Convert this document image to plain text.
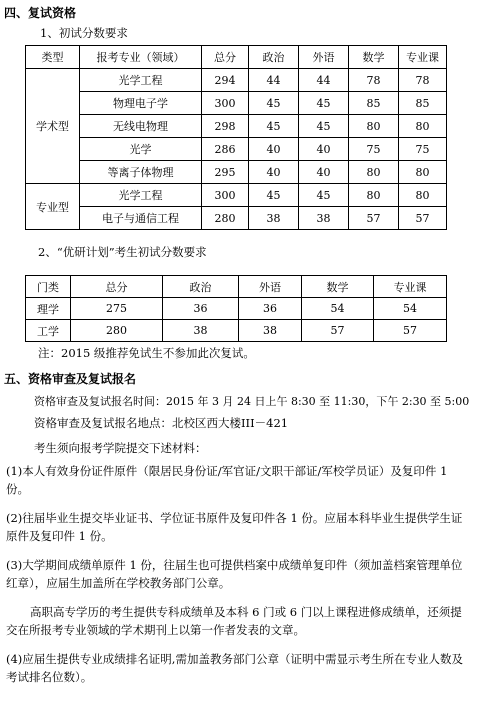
四、复试资格
1、初试分数要求
类型	报考专业（领域）	总分	政治	外语	数学	专业课
学术型	光学工程	294	44	44	78	78
	物理电子学	300	45	45	85	85
	无线电物理	298	45	45	80	80
	光学	286	40	40	75	75
	等离子体物理	295	40	40	80	80
专业型	光学工程	300	45	45	80	80
	电子与通信工程	280	38	38	57	57
2、“优研计划”考生初试分数要求
门类	总分	政治	外语	数学	专业课
理学	275	36	36	54	54
工学	280	38	38	57	57
注：2015 级推荐免试生不参加此次复试。
五、资格审查及复试报名
资格审查及复试报名时间：2015 年 3 月 24 日上午 8:30 至 11:30，下午 2:30 至 5:00
资格审查及复试报名地点：北校区西大楼III－421
考生须向报考学院提交下述材料：
(1)本人有效身份证件原件（限居民身份证/军官证/文职干部证/军校学员证）及复印件 1 份。
(2)往届毕业生提交毕业证书、学位证书原件及复印件各 1 份。应届本科毕业生提供学生证原件及复印件 1 份。
(3)大学期间成绩单原件 1 份，往届生也可提供档案中成绩单复印件（须加盖档案管理单位红章），应届生加盖所在学校教务部门公章。
高职高专学历的考生提供专科成绩单及本科 6 门或 6 门以上课程进修成绩单，还须提交在所报考专业领域的学术期刊上以第一作者发表的文章。
(4)应届生提供专业成绩排名证明,需加盖教务部门公章（证明中需显示考生所在专业人数及考试排名位数）。
